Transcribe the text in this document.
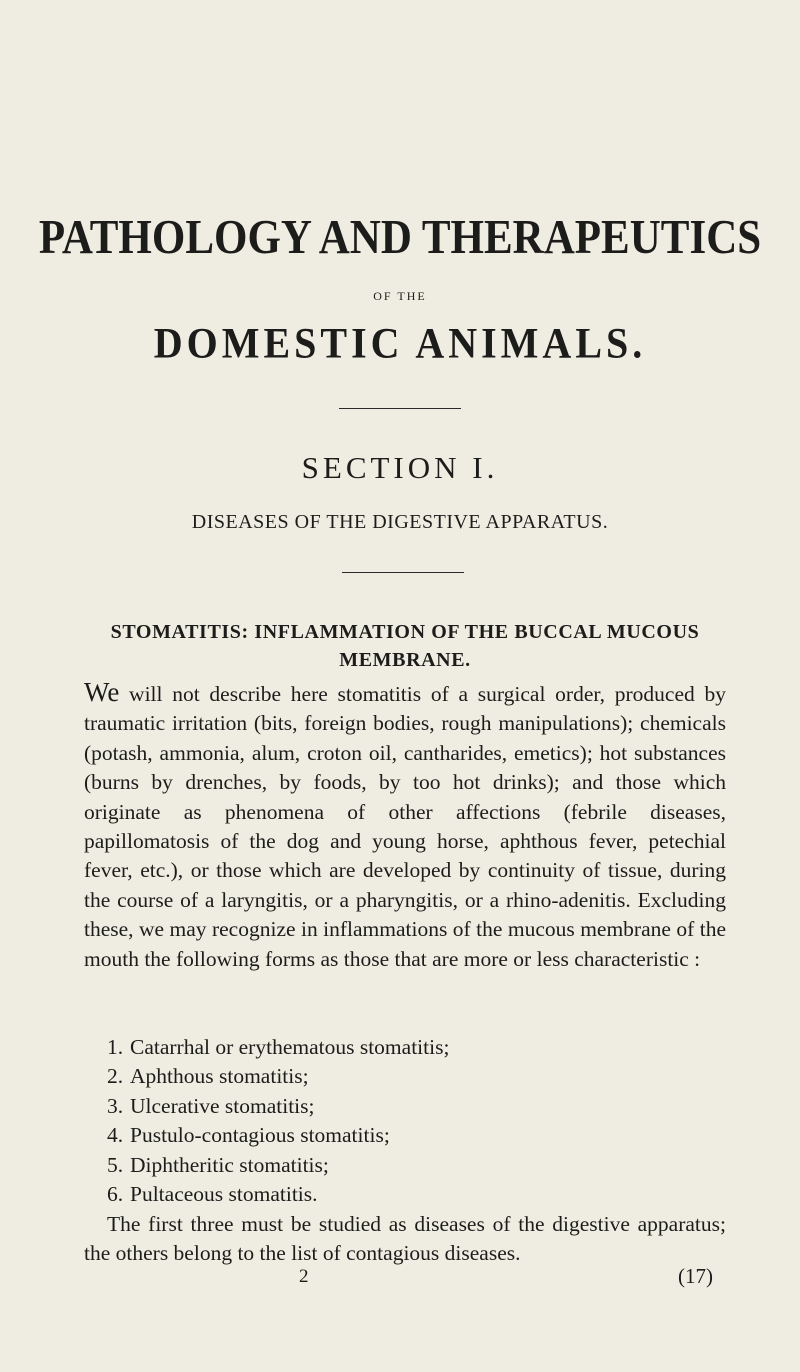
PATHOLOGY AND THERAPEUTICS
OF THE
DOMESTIC ANIMALS.
SECTION I.
DISEASES OF THE DIGESTIVE APPARATUS.
STOMATITIS: INFLAMMATION OF THE BUCCAL MUCOUS MEMBRANE.

We will not describe here stomatitis of a surgical order, produced by traumatic irritation (bits, foreign bodies, rough manipulations); chemicals (potash, ammonia, alum, croton oil, cantharides, emetics); hot substances (burns by drenches, by foods, by too hot drinks); and those which originate as phenomena of other affections (febrile diseases, papillomatosis of the dog and young horse, aphthous fever, petechial fever, etc.), or those which are developed by continuity of tissue, during the course of a laryngitis, or a pharyngitis, or a rhino-adenitis. Excluding these, we may recognize in inflammations of the mucous membrane of the mouth the following forms as those that are more or less characteristic :

1. Catarrhal or erythematous stomatitis;
2. Aphthous stomatitis;
3. Ulcerative stomatitis;
4. Pustulo-contagious stomatitis;
5. Diphtheritic stomatitis;
6. Pultaceous stomatitis.

The first three must be studied as diseases of the digestive apparatus; the others belong to the list of contagious diseases.

2	(17)
